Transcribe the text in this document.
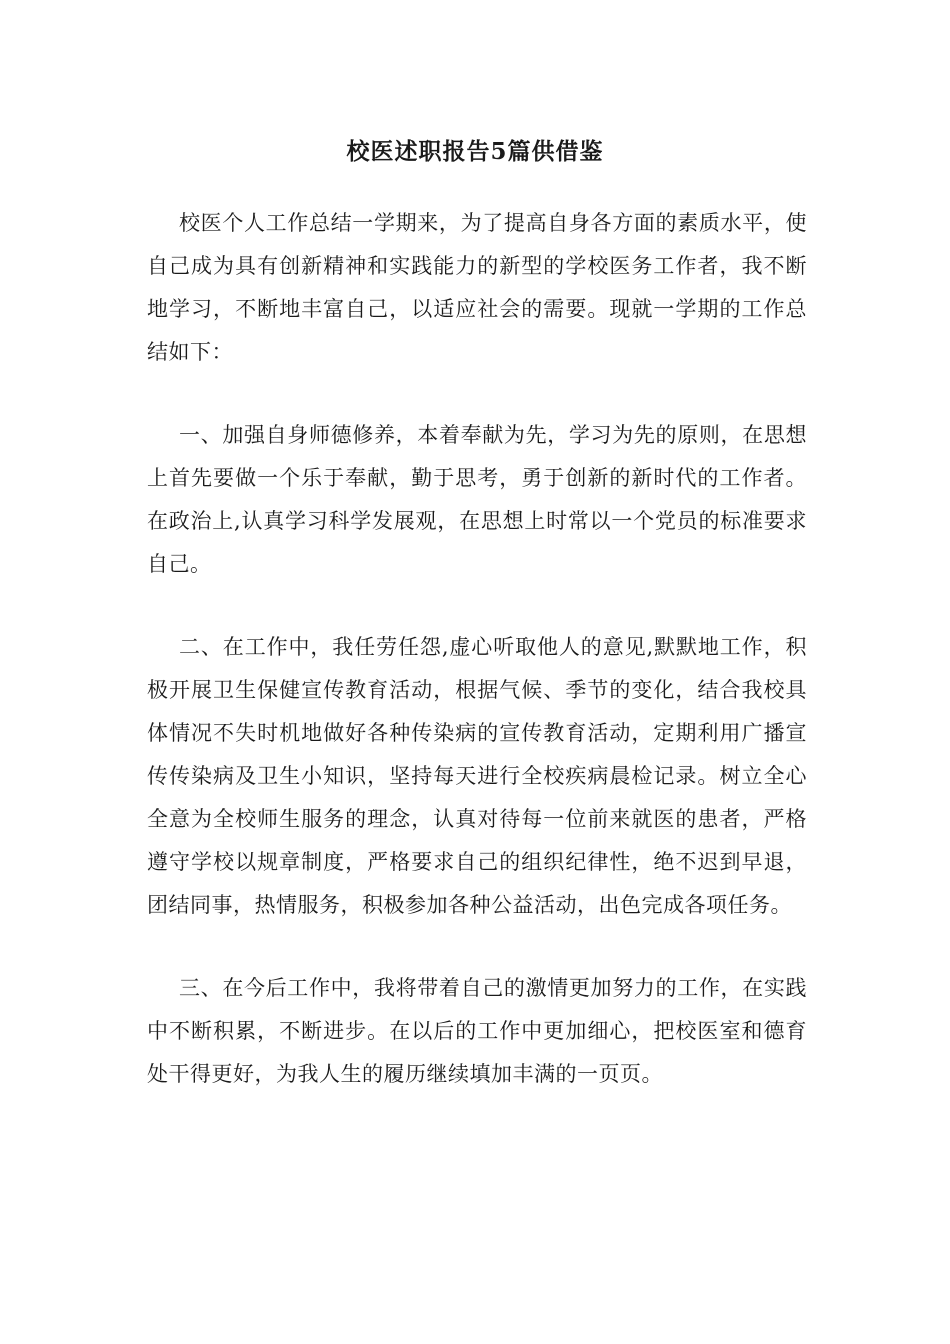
校医述职报告5篇供借鉴

校医个人工作总结一学期来，为了提高自身各方面的素质水平，使自己成为具有创新精神和实践能力的新型的学校医务工作者，我不断地学习，不断地丰富自己，以适应社会的需要。现就一学期的工作总结如下：

一、加强自身师德修养，本着奉献为先，学习为先的原则，在思想上首先要做一个乐于奉献，勤于思考，勇于创新的新时代的工作者。在政治上,认真学习科学发展观，在思想上时常以一个党员的标准要求自己。

二、在工作中，我任劳任怨,虚心听取他人的意见,默默地工作，积极开展卫生保健宣传教育活动，根据气候、季节的变化，结合我校具体情况不失时机地做好各种传染病的宣传教育活动，定期利用广播宣传传染病及卫生小知识，坚持每天进行全校疾病晨检记录。树立全心全意为全校师生服务的理念，认真对待每一位前来就医的患者，严格遵守学校以规章制度，严格要求自己的组织纪律性，绝不迟到早退，团结同事，热情服务，积极参加各种公益活动，出色完成各项任务。

三、在今后工作中，我将带着自己的激情更加努力的工作，在实践中不断积累，不断进步。在以后的工作中更加细心，把校医室和德育处干得更好，为我人生的履历继续填加丰满的一页页。
